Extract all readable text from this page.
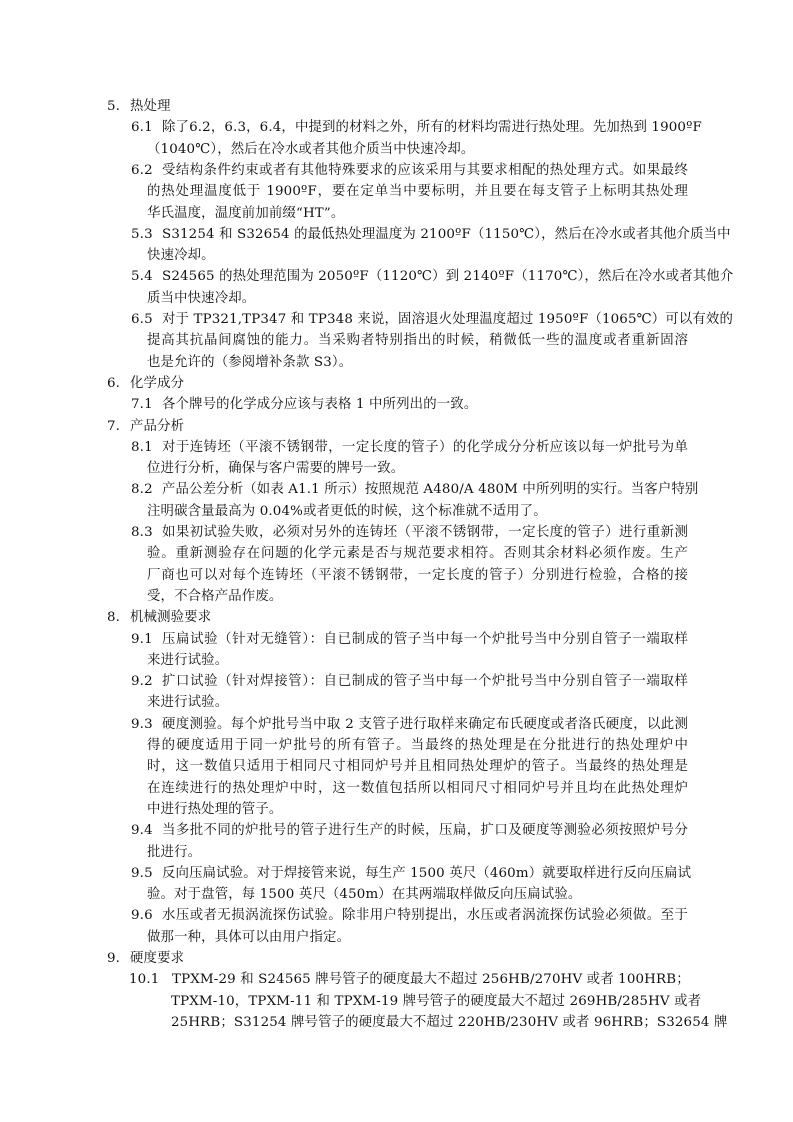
5. 热处理
6.1 除了6.2，6.3，6.4，中提到的材料之外，所有的材料均需进行热处理。先加热到 1900ºF
（1040℃），然后在冷水或者其他介质当中快速冷却。
6.2 受结构条件约束或者有其他特殊要求的应该采用与其要求相配的热处理方式。如果最终
的热处理温度低于 1900ºF，要在定单当中要标明，并且要在每支管子上标明其热处理
华氏温度，温度前加前缀“HT”。
5.3 S31254 和 S32654 的最低热处理温度为 2100ºF（1150℃），然后在冷水或者其他介质当中
快速冷却。
5.4 S24565 的热处理范围为 2050ºF（1120℃）到 2140ºF（1170℃），然后在冷水或者其他介
质当中快速冷却。
6.5 对于 TP321,TP347 和 TP348 来说，固溶退火处理温度超过 1950ºF（1065℃）可以有效的
提高其抗晶间腐蚀的能力。当采购者特别指出的时候，稍微低一些的温度或者重新固溶
也是允许的（参阅增补条款 S3）。
6. 化学成分
7.1 各个牌号的化学成分应该与表格 1 中所列出的一致。
7. 产品分析
8.1 对于连铸坯（平滚不锈钢带，一定长度的管子）的化学成分分析应该以每一炉批号为单
位进行分析，确保与客户需要的牌号一致。
8.2 产品公差分析（如表 A1.1 所示）按照规范 A480/A 480M 中所列明的实行。当客户特别
注明碳含量最高为 0.04%或者更低的时候，这个标准就不适用了。
8.3 如果初试验失败，必须对另外的连铸坯（平滚不锈钢带，一定长度的管子）进行重新测
验。重新测验存在问题的化学元素是否与规范要求相符。否则其余材料必须作废。生产
厂商也可以对每个连铸坯（平滚不锈钢带，一定长度的管子）分别进行检验，合格的接
受，不合格产品作废。
8. 机械测验要求
9.1 压扁试验（针对无缝管）：自已制成的管子当中每一个炉批号当中分别自管子一端取样
来进行试验。
9.2 扩口试验（针对焊接管）：自已制成的管子当中每一个炉批号当中分别自管子一端取样
来进行试验。
9.3 硬度测验。每个炉批号当中取 2 支管子进行取样来确定布氏硬度或者洛氏硬度，以此测
得的硬度适用于同一炉批号的所有管子。当最终的热处理是在分批进行的热处理炉中
时，这一数值只适用于相同尺寸相同炉号并且相同热处理炉的管子。当最终的热处理是
在连续进行的热处理炉中时，这一数值包括所以相同尺寸相同炉号并且均在此热处理炉
中进行热处理的管子。
9.4 当多批不同的炉批号的管子进行生产的时候，压扁，扩口及硬度等测验必须按照炉号分
批进行。
9.5 反向压扁试验。对于焊接管来说，每生产 1500 英尺（460m）就要取样进行反向压扁试
验。对于盘管，每 1500 英尺（450m）在其两端取样做反向压扁试验。
9.6 水压或者无损涡流探伤试验。除非用户特别提出，水压或者涡流探伤试验必须做。至于
做那一种，具体可以由用户指定。
9. 硬度要求
10.1 TPXM-29 和 S24565 牌号管子的硬度最大不超过 256HB/270HV 或者 100HRB；
TPXM-10，TPXM-11 和 TPXM-19 牌号管子的硬度最大不超过 269HB/285HV 或者
25HRB；S31254 牌号管子的硬度最大不超过 220HB/230HV 或者 96HRB；S32654 牌
